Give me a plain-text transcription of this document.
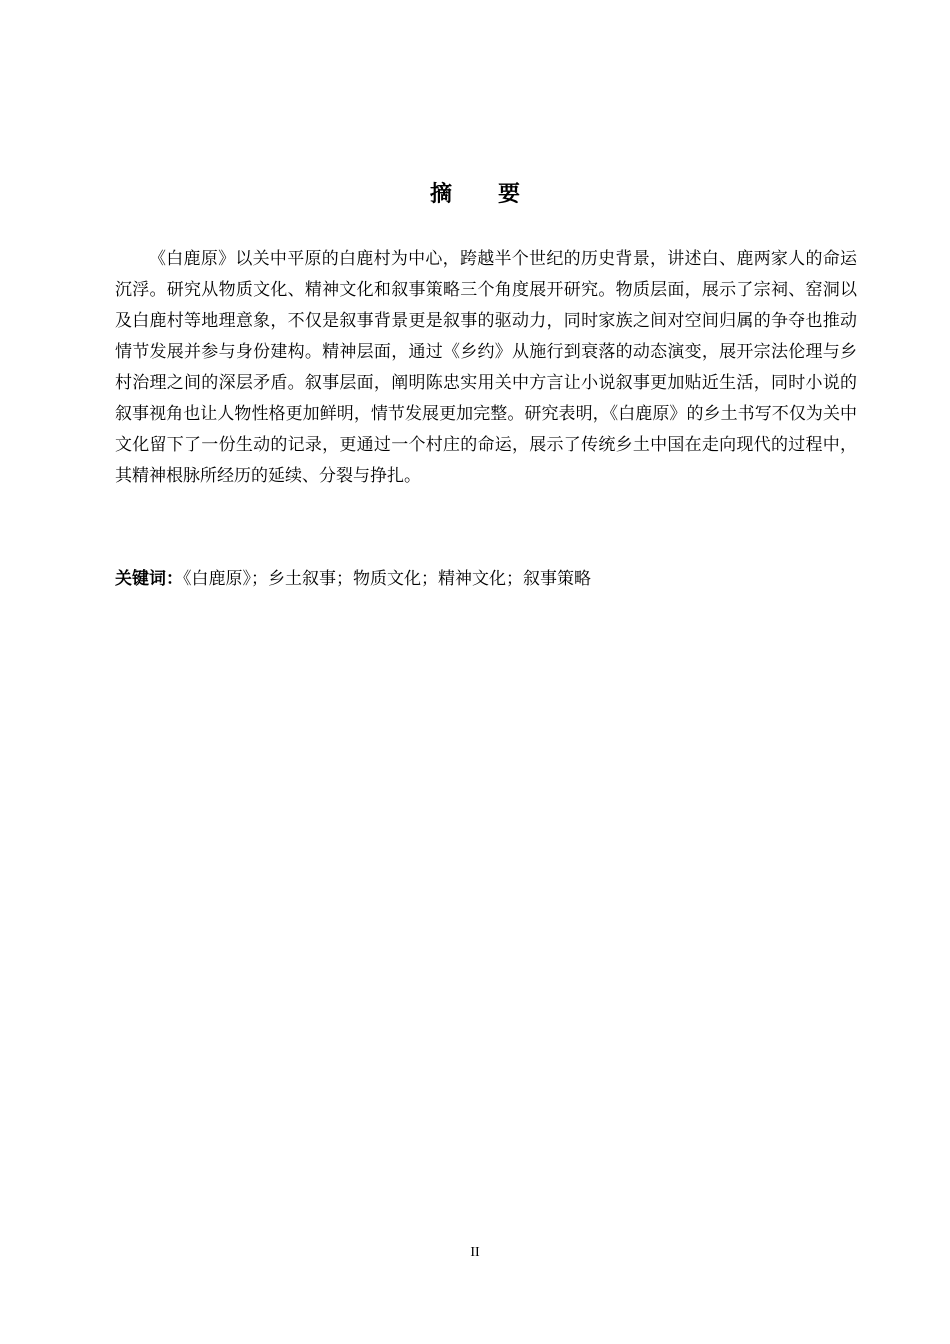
摘要

《白鹿原》以关中平原的白鹿村为中心，跨越半个世纪的历史背景，讲述白、鹿两家人的命运沉浮。研究从物质文化、精神文化和叙事策略三个角度展开研究。物质层面，展示了宗祠、窑洞以及白鹿村等地理意象，不仅是叙事背景更是叙事的驱动力，同时家族之间对空间归属的争夺也推动情节发展并参与身份建构。精神层面，通过《乡约》从施行到衰落的动态演变，展开宗法伦理与乡村治理之间的深层矛盾。叙事层面，阐明陈忠实用关中方言让小说叙事更加贴近生活，同时小说的叙事视角也让人物性格更加鲜明，情节发展更加完整。研究表明，《白鹿原》的乡土书写不仅为关中文化留下了一份生动的记录，更通过一个村庄的命运，展示了传统乡土中国在走向现代的过程中，其精神根脉所经历的延续、分裂与挣扎。

关键词：《白鹿原》；乡土叙事；物质文化；精神文化；叙事策略
II
